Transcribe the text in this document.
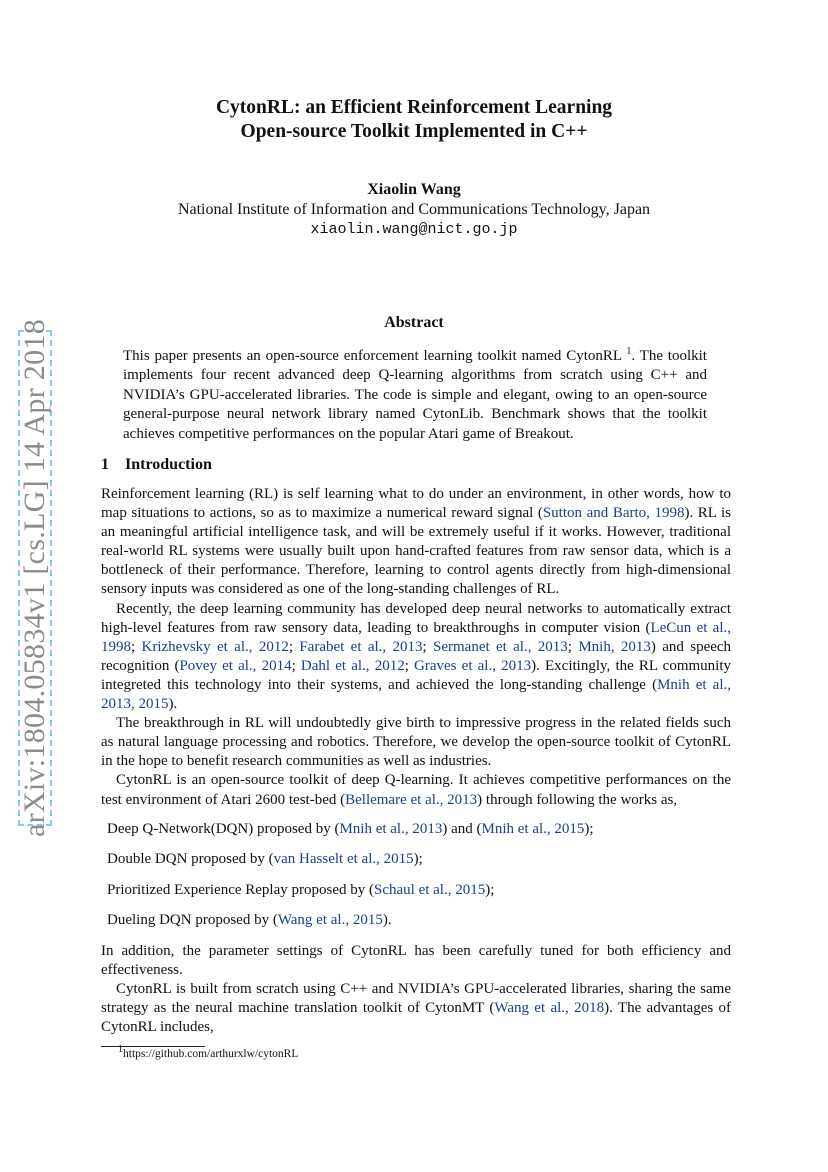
arXiv:1804.05834v1 [cs.LG] 14 Apr 2018
CytonRL: an Efficient Reinforcement Learning
Open-source Toolkit Implemented in C++
Xiaolin Wang
National Institute of Information and Communications Technology, Japan
xiaolin.wang@nict.go.jp
Abstract
This paper presents an open-source enforcement learning toolkit named CytonRL $^1$. The toolkit implements four recent advanced deep Q-learning algorithms from scratch using C++ and NVIDIA’s GPU-accelerated libraries. The code is simple and elegant, owing to an open-source general-purpose neural network library named CytonLib. Benchmark shows that the toolkit achieves competitive performances on the popular Atari game of Breakout.
1 Introduction

Reinforcement learning (RL) is self learning what to do under an environment, in other words, how to map situations to actions, so as to maximize a numerical reward signal (Sutton and Barto, 1998). RL is an meaningful artificial intelligence task, and will be extremely useful if it works. However, traditional real-world RL systems were usually built upon hand-crafted features from raw sensor data, which is a bottleneck of their performance. Therefore, learning to control agents directly from high-dimensional sensory inputs was considered as one of the long-standing challenges of RL.

Recently, the deep learning community has developed deep neural networks to automatically extract high-level features from raw sensory data, leading to breakthroughs in computer vision (LeCun et al., 1998; Krizhevsky et al., 2012; Farabet et al., 2013; Sermanet et al., 2013; Mnih, 2013) and speech recognition (Povey et al., 2014; Dahl et al., 2012; Graves et al., 2013). Excitingly, the RL community integreted this technology into their systems, and achieved the long-standing challenge (Mnih et al., 2013, 2015).

The breakthrough in RL will undoubtedly give birth to impressive progress in the related fields such as natural language processing and robotics. Therefore, we develop the open-source toolkit of CytonRL in the hope to benefit research communities as well as industries.

CytonRL is an open-source toolkit of deep Q-learning. It achieves competitive performances on the test environment of Atari 2600 test-bed (Bellemare et al., 2013) through following the works as,

Deep Q-Network(DQN) proposed by (Mnih et al., 2013) and (Mnih et al., 2015);
Double DQN proposed by (van Hasselt et al., 2015);
Prioritized Experience Replay proposed by (Schaul et al., 2015);
Dueling DQN proposed by (Wang et al., 2015).

In addition, the parameter settings of CytonRL has been carefully tuned for both efficiency and effectiveness.

CytonRL is built from scratch using C++ and NVIDIA’s GPU-accelerated libraries, sharing the same strategy as the neural machine translation toolkit of CytonMT (Wang et al., 2018). The advantages of CytonRL includes,

$^1$https://github.com/arthurxlw/cytonRL
